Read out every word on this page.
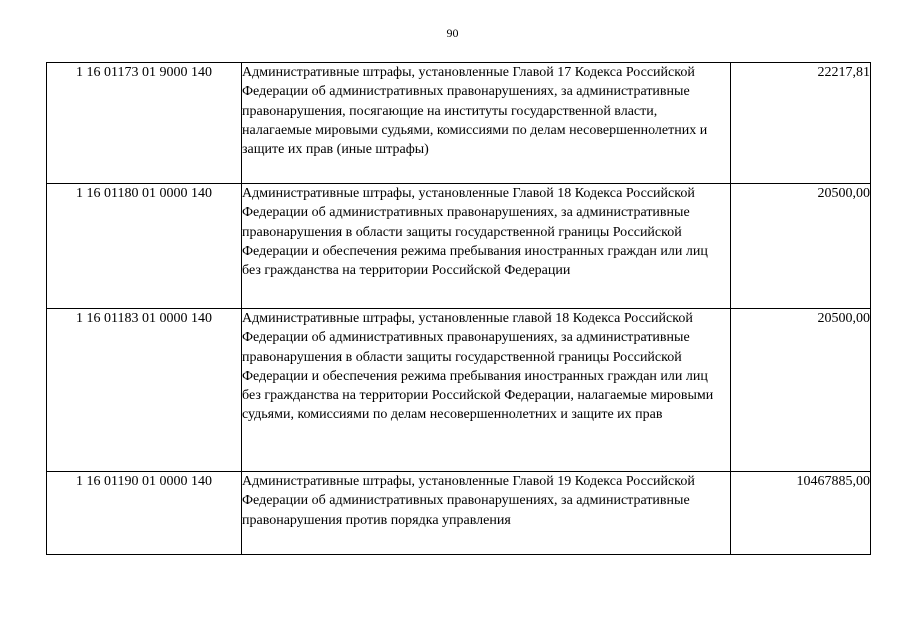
90
1 16 01173 01 9000 140	Административные штрафы, установленные Главой 17 Кодекса Российской Федерации об административных правонарушениях, за административные правонарушения, посягающие на институты государственной власти, налагаемые мировыми судьями, комиссиями по делам несовершеннолетних и защите их прав (иные штрафы)	22217,81
1 16 01180 01 0000 140	Административные штрафы, установленные Главой 18 Кодекса Российской Федерации об административных правонарушениях, за административные правонарушения в области защиты государственной границы Российской Федерации и обеспечения режима пребывания иностранных граждан или лиц без гражданства на территории Российской Федерации	20500,00
1 16 01183 01 0000 140	Административные штрафы, установленные главой 18 Кодекса Российской Федерации об административных правонарушениях, за административные правонарушения в области защиты государственной границы Российской Федерации и обеспечения режима пребывания иностранных граждан или лиц без гражданства на территории Российской Федерации, налагаемые мировыми судьями, комиссиями по делам несовершеннолетних и защите их прав	20500,00
1 16 01190 01 0000 140	Административные штрафы, установленные Главой 19 Кодекса Российской Федерации об административных правонарушениях, за административные правонарушения против порядка управления	10467885,00
